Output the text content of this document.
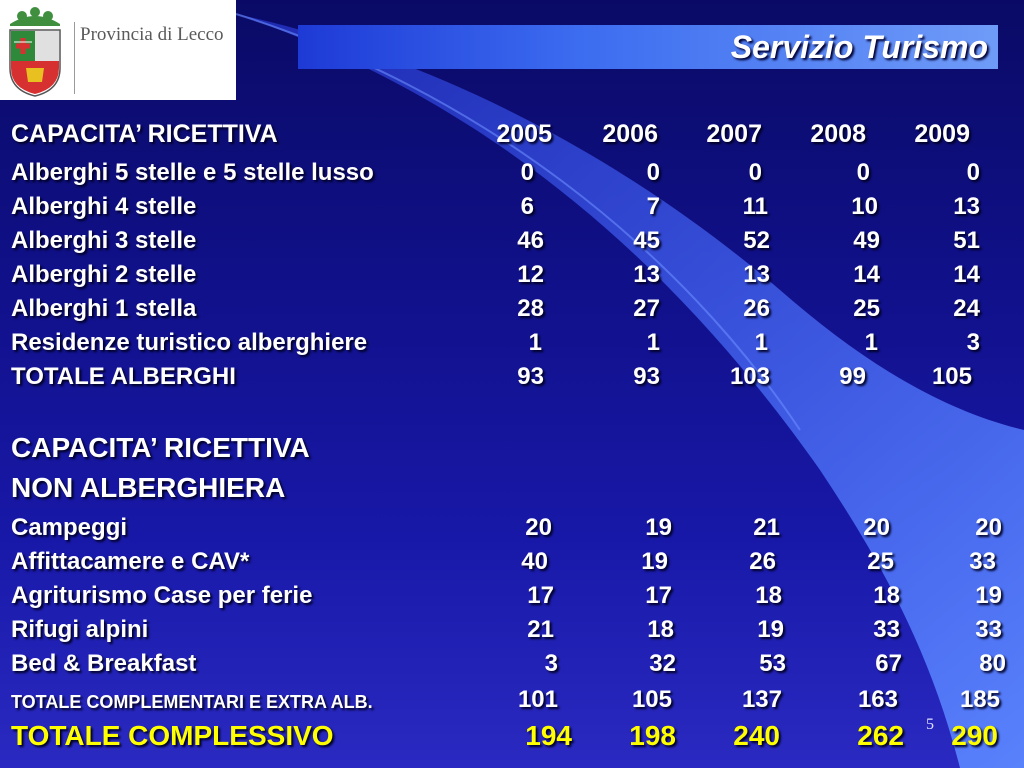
Provincia di Lecco	Servizio Turismo
CAPACITA’ RICETTIVA	2005	2006	2007	2008	2009
Alberghi 5 stelle e 5 stelle lusso	0	0	0	0	0
Alberghi 4 stelle	6	7	11	10	13
Alberghi 3 stelle	46	45	52	49	51
Alberghi 2 stelle	12	13	13	14	14
Alberghi 1 stella	28	27	26	25	24
Residenze turistico alberghiere	1	1	1	1	3
TOTALE ALBERGHI	93	93	103	99	105
CAPACITA’ RICETTIVA
NON ALBERGHIERA
Campeggi	20	19	21	20	20
Affittacamere e CAV*	40	19	26	25	33
Agriturismo Case per ferie	17	17	18	18	19
Rifugi alpini	21	18	19	33	33
Bed & Breakfast	3	32	53	67	80
TOTALE COMPLEMENTARI E EXTRA ALB.	101	105	137	163	185
TOTALE COMPLESSIVO	194	198	240	262	290
5
